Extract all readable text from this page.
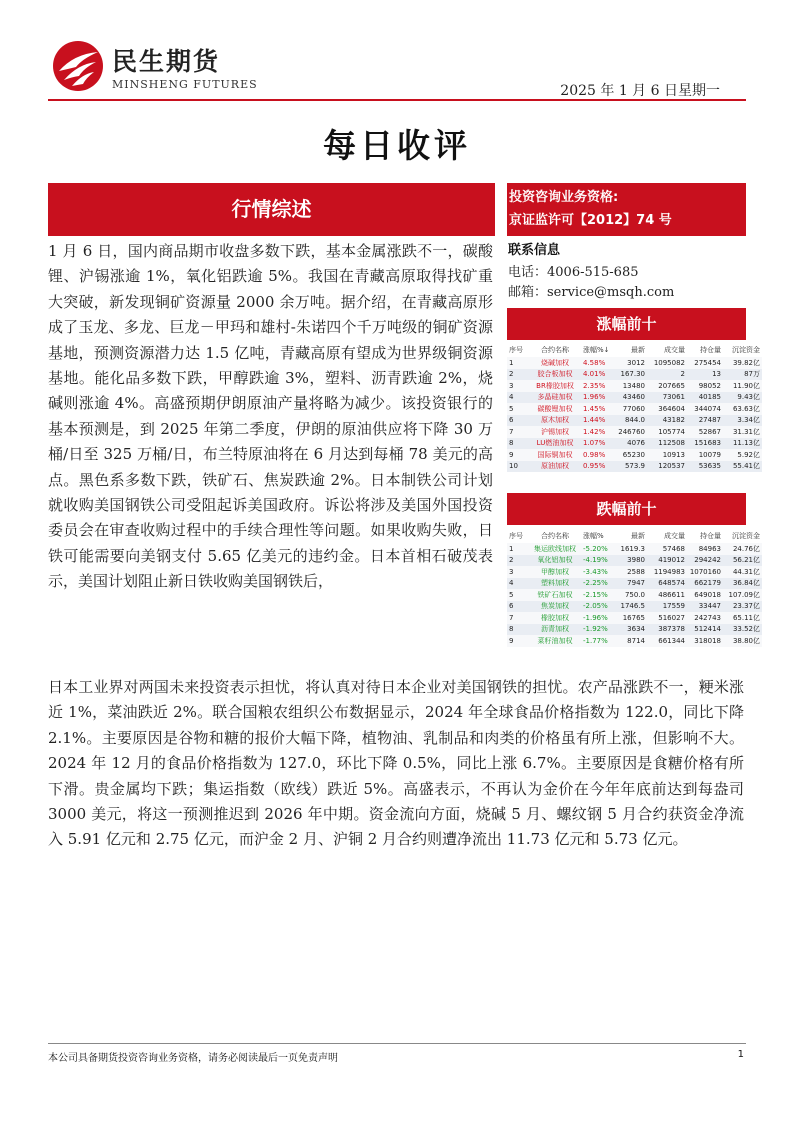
民生期货
MINSHENG FUTURES	2025 年 1 月 6 日星期一
每日收评
行情综述

1 月 6 日，国内商品期市收盘多数下跌，基本金属涨跌不一，碳酸锂、沪锡涨逾 1%，氧化铝跌逾 5%。我国在青藏高原取得找矿重大突破，新发现铜矿资源量 2000 余万吨。据介绍，在青藏高原形成了玉龙、多龙、巨龙－甲玛和雄村-朱诺四个千万吨级的铜矿资源基地，预测资源潜力达 1.5 亿吨，青藏高原有望成为世界级铜资源基地。能化品多数下跌，甲醇跌逾 3%，塑料、沥青跌逾 2%，烧碱则涨逾 4%。高盛预期伊朗原油产量将略为减少。该投资银行的基本预测是，到 2025 年第二季度，伊朗的原油供应将下降 30 万桶/日至 325 万桶/日，布兰特原油将在 6 月达到每桶 78 美元的高点。黑色系多数下跌，铁矿石、焦炭跌逾 2%。日本制铁公司计划就收购美国钢铁公司受阻起诉美国政府。诉讼将涉及美国外国投资委员会在审查收购过程中的手续合理性等问题。如果收购失败，日铁可能需要向美钢支付 5.65 亿美元的违约金。日本首相石破茂表示，美国计划阻止新日铁收购美国钢铁后，

日本工业界对两国未来投资表示担忧，将认真对待日本企业对美国钢铁的担忧。农产品涨跌不一，粳米涨近 1%，菜油跌近 2%。联合国粮农组织公布数据显示，2024 年全球食品价格指数为 122.0，同比下降 2.1%。主要原因是谷物和糖的报价大幅下降，植物油、乳制品和肉类的价格虽有所上涨，但影响不大。2024 年 12 月的食品价格指数为 127.0，环比下降 0.5%，同比上涨 6.7%。主要原因是食糖价格有所下滑。贵金属均下跌；集运指数（欧线）跌近 5%。高盛表示，不再认为金价在今年年底前达到每盎司 3000 美元，将这一预测推迟到 2026 年中期。资金流向方面，烧碱 5 月、螺纹钢 5 月合约获资金净流入 5.91 亿元和 2.75 亿元，而沪金 2 月、沪铜 2 月合约则遭净流出 11.73 亿元和 5.73 亿元。

投资咨询业务资格:
京证监许可【2012】74 号
联系信息
电话：4006-515-685
邮箱：service@msqh.com
涨幅前十
序号	合约名称	涨幅%↓	最新	成交量	持仓量	沉淀资金
1	烧碱加权	4.58%	3012	1095082	275454	39.82亿
2	胶合板加权	4.01%	167.30	2	13	87万
3	BR橡胶加权	2.35%	13480	207665	98052	11.90亿
4	多晶硅加权	1.96%	43460	73061	40185	9.43亿
5	碳酸锂加权	1.45%	77060	364604	344074	63.63亿
6	原木加权	1.44%	844.0	43182	27487	3.34亿
7	沪锡加权	1.42%	246760	105774	52867	31.31亿
8	LU燃油加权	1.07%	4076	112508	151683	11.13亿
9	国际铜加权	0.98%	65230	10913	10079	5.92亿
10	原油加权	0.95%	573.9	120537	53635	55.41亿
跌幅前十
序号	合约名称	涨幅%	最新	成交量	持仓量	沉淀资金
1	集运欧线加权	-5.20%	1619.3	57468	84963	24.76亿
2	氧化铝加权	-4.19%	3980	419012	294242	56.21亿
3	甲醇加权	-3.43%	2588	1194983	1070160	44.31亿
4	塑料加权	-2.25%	7947	648574	662179	36.84亿
5	铁矿石加权	-2.15%	750.0	486611	649018	107.09亿
6	焦炭加权	-2.05%	1746.5	17559	33447	23.37亿
7	橡胶加权	-1.96%	16765	516027	242743	65.11亿
8	沥青加权	-1.92%	3634	387378	512414	33.52亿
9	菜籽油加权	-1.77%	8714	661344	318018	38.80亿
本公司具备期货投资咨询业务资格，请务必阅读最后一页免责声明	1
